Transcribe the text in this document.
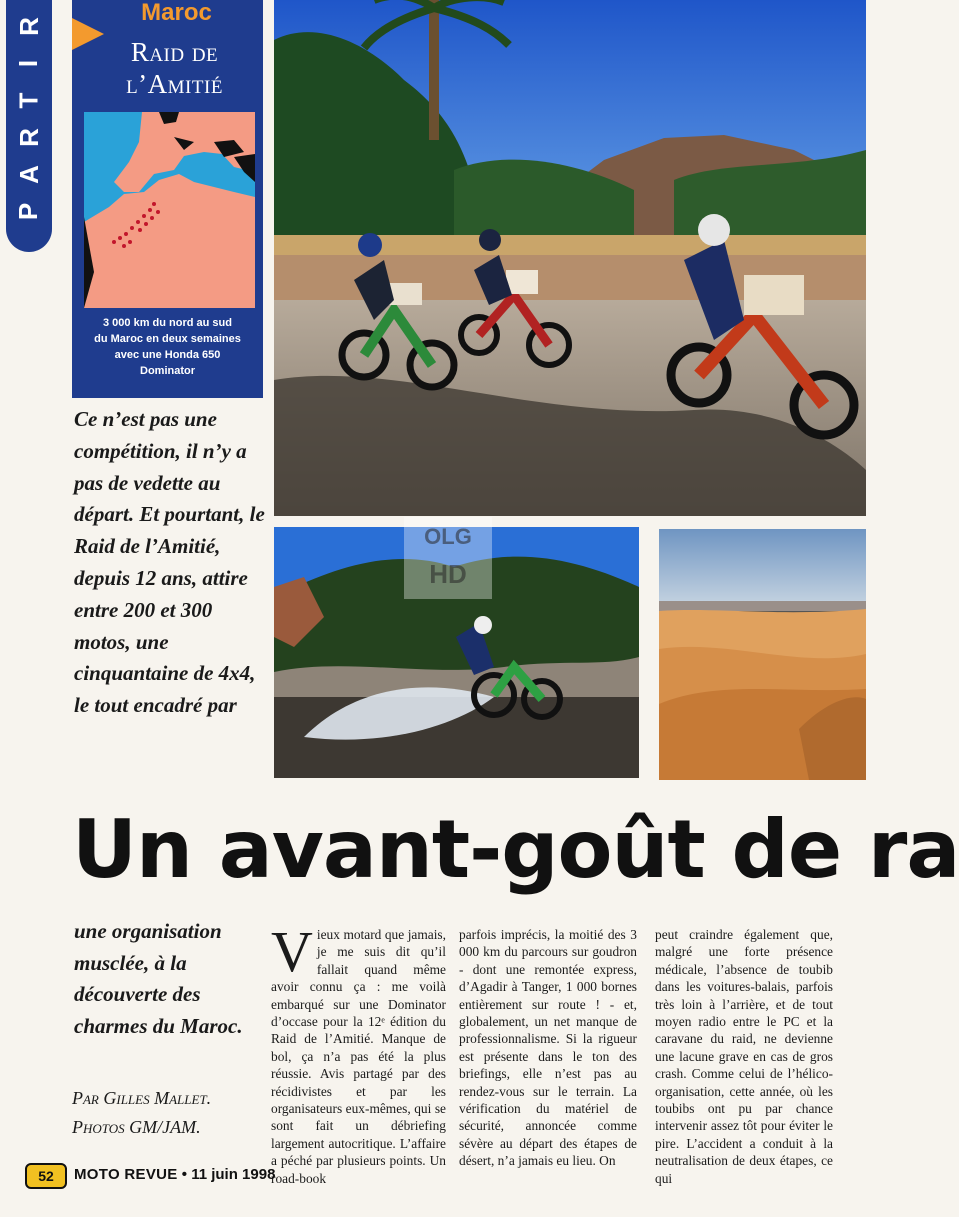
R
I
T
R
A
P
Maroc
Raid de
l’Amitié
3 000 km du nord au sud
du Maroc en deux semaines
avec une Honda 650
Dominator
OLG
HD
Ce n’est pas une compétition, il n’y a pas de vedette au départ. Et pourtant, le Raid de l’Amitié, depuis 12 ans, attire entre 200 et 300 motos, une cinquantaine de 4x4, le tout encadré par
Un avant-goût de ra
une organisation musclée, à la découverte des charmes du Maroc.
Par Gilles Mallet.
Photos GM/JAM.
Vieux motard que jamais, je me suis dit qu’il fallait quand même avoir connu ça : me voilà embarqué sur une Dominator d’occase pour la 12ᵉ édition du Raid de l’Amitié. Manque de bol, ça n’a pas été la plus réussie. Avis partagé par des récidivistes et par les organisateurs eux-mêmes, qui se sont fait un débriefing largement autocritique. L’affaire a péché par plusieurs points. Un road-book
parfois imprécis, la moitié des 3 000 km du parcours sur goudron - dont une remontée express, d’Agadir à Tanger, 1 000 bornes entièrement sur route ! - et, globalement, un net manque de professionnalisme. Si la rigueur est présente dans le ton des briefings, elle n’est pas au rendez-vous sur le terrain. La vérification du matériel de sécurité, annoncée comme sévère au départ des étapes de désert, n’a jamais eu lieu. On
peut craindre également que, malgré une forte présence médicale, l’absence de toubib dans les voitures-balais, parfois très loin à l’arrière, et de tout moyen radio entre le PC et la caravane du raid, ne devienne une lacune grave en cas de gros crash. Comme celui de l’hélico-organisation, cette année, où les toubibs ont pu par chance intervenir assez tôt pour éviter le pire. L’accident a conduit à la neutralisation de deux étapes, ce qui
52	MOTO REVUE • 11 juin 1998
